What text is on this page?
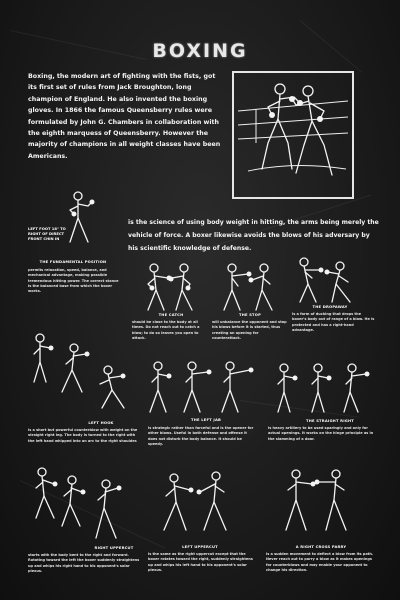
BOXING
Boxing, the modern art of fighting with the fists, got its first set of rules from Jack Broughton, long champion of England. He also invented the boxing gloves. In 1866 the famous Queensberry rules were formulated by John G. Chambers in collaboration with the eighth marquess of Queensberry. However the majority of champions in all weight classes have been Americans.
LEFT FOOT 18" TO RIGHT OF DIRECT FRONT CHIN IN
is the science of using body weight in hitting, the arms being merely the vehicle of force. A boxer likewise avoids the blows of his adversary by his scientific knowledge of defense.
THE FUNDAMENTAL POSITION
permits relaxation, speed, balance, and mechanical advantage, making possible tremendous hitting power. The correct stance is the balanced base from which the boxer works.
THE CATCH
should be close to the body at all times. Do not reach out to catch a blow; to do so leaves you open to attack.
THE STOP
will unbalance the opponent and stop his blows before it is started, thus creating an opening for counterattack.
THE DROPAWAY
is a form of ducking that drops the boxer's body out of range of a blow. He is protected and has a right-hand advantage.
LEFT HOOK
is a short but powerful counterblow with weight on the straight right leg. The body is turned to the right with the left hand whipped into an arc to the right shoulder.
THE LEFT JAB
is strategic rather than forceful and is the opener for other blows. Useful in both defense and offense it does not disturb the body balance. It should be speedy.
THE STRAIGHT RIGHT
is heavy artillery to be used sparingly and only for actual openings. It works on the hinge principle as in the slamming of a door.
RIGHT UPPERCUT
starts with the body bent to the right and forward. Rotating toward the left the boxer suddenly straightens up and whips his right hand to his opponent's solar plexus.
LEFT UPPERCUT
is the same as the right uppercut except that the boxer rotates toward the right, suddenly straightens up and whips his left hand to his opponent's solar plexus.
A RIGHT CROSS PARRY
is a sudden movement to deflect a blow from its path. Never reach out to parry a blow as it makes openings for counterblows and may enable your opponent to change his direction.
